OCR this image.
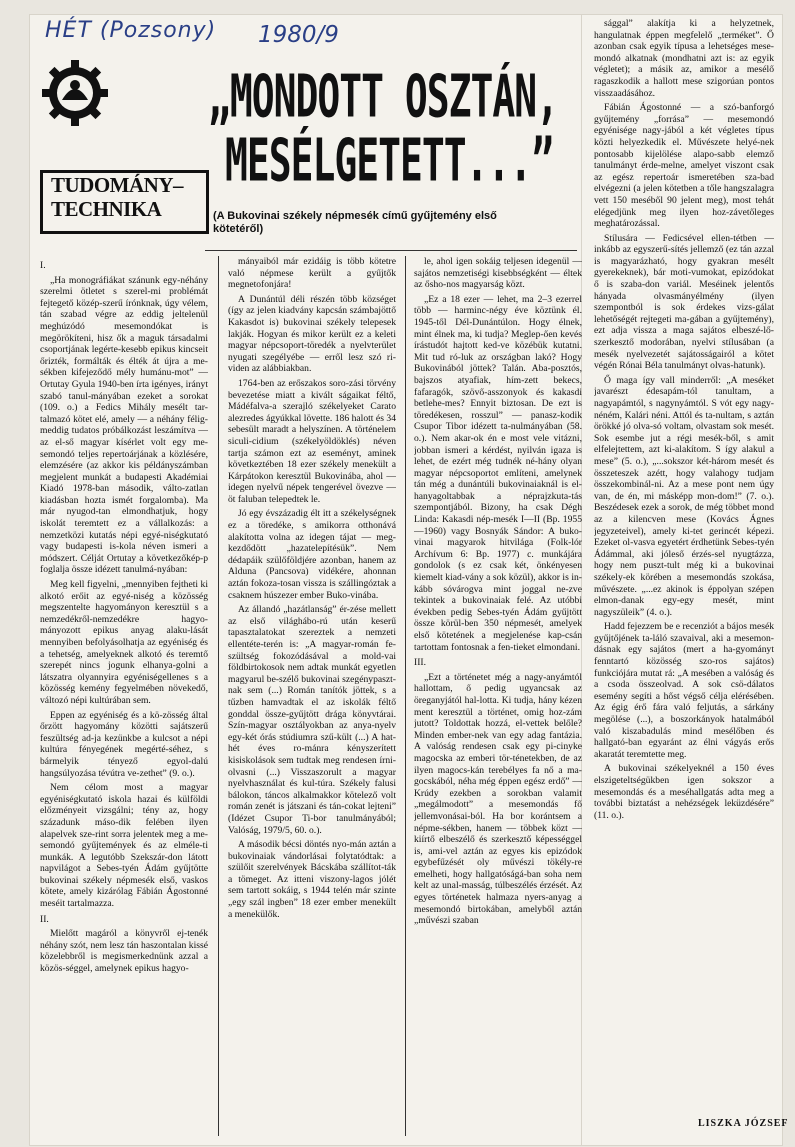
HÉT (Pozsony) 1980/9
„MONDOTT OSZTÁN,
MESÉLGETETT...”
TUDOMÁNY–
TECHNIKA	(A Bukovinai székely népmesék című gyűjtemény első kötetéről)

I.

„Ha monográfiákat szánunk egy-néhány szerelmi ötletet s szerel-mi problémát fejtegető közép-szerű írónknak, úgy vélem, tán szabad végre az eddig jeltelenül meghúzódó mesemondókat is megörökíteni, hisz ők a maguk társadalmi csoportjának legérte-kesebb epikus kincseit őrizték, formálták és élték át újra a me-sékben kifejeződő mély humánu-mot” — Ortutay Gyula 1940-ben írta igényes, irányt szabó tanul-mányában ezeket a sorokat (109. o.) a Fedics Mihály mesélt tar-talmazó kötet elé, amely — a néhány félig-meddig tudatos próbálkozást leszámítva — az el-ső magyar kísérlet volt egy me-semondó teljes repertoárjának a közlésére, elemzésére (az akkor kis példányszámban megjelent munkát a budapesti Akadémiai Kiadó 1978-ban második, válto-zatlan kiadásban hozta ismét forgalomba). Ma már nyugod-tan elmondhatjuk, hogy iskolát teremtett ez a vállalkozás: a nemzetközi kutatás népi egyé-niségkutató vagy budapesti is-kola néven ismeri a módszert. Célját Ortutay a következőkép-p foglalja össze idézett tanulmá-nyában:

Meg kell figyelni, „mennyiben fejtheti ki alkotó erőit az egyé-niség a közösség megszentelte hagyományon keresztül s a nemzedékről-nemzedékre hagyo-mányozott epikus anyag alaku-lását mennyiben befolyásolhatja az egyéniség és a tehetség, amelyeknek alkotó és teremtő szerepét nincs jogunk elhanya-golni a látszatra olyannyira egyéniségellenes s a közösség kemény fegyelmében növekedő, változó népi kultúrában sem.

Eppen az egyéniség és a kö-zösség által őrzött hagyomány közötti sajátszerű feszültség ad-ja kezünkbe a kulcsot a népi kultúra fényegének megérté-séhez, s bármelyik tényező egyol-dalú hangsúlyozása tévútra ve-zethet” (9. o.).

Nem célom most a magyar egyéniségkutató iskola hazai és külföldi előzményeit vizsgálni; tény az, hogy századunk máso-dik felében ilyen alapelvek sze-rint sorra jelentek meg a me-semondó gyűjtemények és az elméle-ti munkák. A legutóbb Szekszár-don látott napvilágot a Sebes-tyén Ádám gyűjtötte bukovinai székely népmesék első, vaskos kötete, amely kizárólag Fábián Ágostonné meséit tartalmazza.

II.

Mielőtt magáról a könyvről ej-tenék néhány szót, nem lesz tán haszontalan kissé közelebbről is megismerkednünk azzal a közös-séggel, amelynek epikus hagyo-

mányaiból már ezidáig is több kötetre való népmese került a gyűjtők megnetofonjára!

A Dunántúl déli részén több községet (így az jelen kiadvány kapcsán számbajöttő Kakasdot is) bukovinai székely telepesek lakják. Hogyan és mikor került ez a keleti magyar népcsoport-töredék a nyelvterület nyugati szegélyébe — erről lesz szó ri-viden az alábbiakban.

1764-ben az erőszakos soro-zási törvény bevezetése miatt a kivált ságaikat féltő, Mádéfalva-a szerajló székelyeket Carato alezredes ágyúkkal lövette. 186 halott és 34 sebesült maradt a helyszínen. A történelem siculi-cidium (székelyöldöklés) néven tartja számon ezt az eseményt, aminek következtében 18 ezer székely menekült a Kárpátokon keresztül Bukovinába, ahol — idegen nyelvű népek tengerével övezve — öt faluban telepedtek le.

Jó egy évszázadig élt itt a székelységnek ez a töredéke, s amikorra otthonává alakította volna az idegen tájat — meg-kezdődött „hazatelepítésük”. Nem dédapáik szülőföldjére azonban, hanem az Alduna (Pancsova) vidékére, ahonnan aztán fokoza-tosan vissza is szállingóztak a csaknem húszezer ember Buko-vinába.

Az állandó „hazátlanság” ér-zése mellett az első világhábo-rú után keserű tapasztalatokat szereztek a nemzeti ellentéte-terén is: „A magyar-román fe-szültség fokozódásával a mold-vai földbirtokosok nem adtak munkát egyetlen magyarul be-szélő bukovinai szegénypaszt-nak sem (...) Román tanítók jöttek, s a tűzben hamvadtak el az iskolák féltő gonddal össze-gyűjtött drága könyvtárai. Szín-magyar osztályokban az anya-nyelv egy-két órás stúdiumra szű-kült (...) A hat-hét éves ro-mánra kényszerített kisiskolások sem tudtak meg rendesen írni-olvasni (...) Visszaszorult a magyar nyelvhasználat és kul-túra. Székely falusi bálokon, táncos alkalmakkor kötelező volt román zenét is játszani és tán-cokat lejteni” (Idézet Csupor Ti-bor tanulmányából; Valóság, 1979/5, 60. o.).

A második bécsi döntés nyo-mán aztán a bukovinaiak vándorlásai folytatódtak: a szülőit szerelvények Bácskába szállítot-ták a tömeget. Az itteni viszony-lagos jólét sem tartott sokáig, s 1944 telén már szinte „egy szál ingben” 18 ezer ember menekült a menekülők.

le, ahol igen sokáig teljesen idegenül — sajátos nemzetiségi kisebbségként — éltek az ősho-nos magyarság közt.

„Ez a 18 ezer — lehet, ma 2–3 ezerrel több — harminc-négy éve köztünk él. 1945-től Dél-Dunántúlon. Hogy élnek, mint élnek ma, ki tudja? Meglep-ően kevés írástudót hajtott ked-ve közébük kutatni. Mit tud ró-luk az országban lakó? Hogy Bukovinából jöttek? Talán. Aba-posztós, bajszos atyafiak, hím-zett bekecs, fafaragók, szövő-asszonyok és kakasdi betlehe-mes? Ennyit biztosan. De ezt is töredékesen, rosszul” — panasz-kodik Csupor Tibor idézett ta-nulmányában (58. o.). Nem akar-ok én e most vele vitázni, jobban ismeri a kérdést, nyilván igaza is lehet, de ezért még tudnék né-hány olyan magyar népcsoportot említeni, amelynek tán még a dunántúli bukovinaiaknál is el-hanyagoltabbak a néprajzkuta-tás szempontjából. Bizony, ha csak Dégh Linda: Kakasdi nép-mesék I—II (Bp. 1955—1960) vagy Bosnyák Sándor: A buko-vinai magyarok hitvilága (Folk-lór Archívum 6: Bp. 1977) c. munkájára gondolok (s ez csak két, önkényesen kiemelt kiad-vány a sok közül), akkor is in-kább sóvárogva mint joggal ne-zve tekintek a bukovinaiak felé. Az utóbbi években pedig Sebes-tyén Ádám gyűjtött össze körül-ben 350 népmesét, amelyek első kötetének a megjelenése kap-csán tartottam fontosnak a fen-tieket elmondani.

III.

„Ezt a történetet még a nagy-anyámtól hallottam, ő pedig ugyancsak az öreganyjától hal-lotta. Ki tudja, hány kézen ment keresztül a történet, omig hoz-zám jutott? Toldottak hozzá, el-vettek belőle? Minden ember-nek van egy adag fantázia. A valóság rendesen csak egy pi-cinyke magocska az emberi tör-ténetekben, de az ilyen magocs-kán terebélyes fa nő a ma-gocskából, néha még éppen egész erdő” — Krúdy ezekben a sorokban valamit „megálmodott” a mesemondás fő jellemvonásai-ból. Ha bor korántsem a népme-sékben, hanem — többek közt — kiírtő elbeszélő és szerkesztő képességgel is, ami-vel aztán az egyes kis epizódok egybefűzését oly művészi tökély-re emelheti, hogy hallgatóságá-ban soha nem kelt az unal-masság, túlbeszélés érzését. Az egyes történetek halmaza nyers-anyag a mesemondó birtokában, amelyből aztán „művészi szaban

sággal” alakítja ki a helyzetnek, hangulatnak éppen megfelelő „terméket”. Ő azonban csak egyik típusa a lehetséges mese-mondó alkatnak (mondhatni azt is: az egyik végletet); a másik az, amikor a mesélő ragaszkodik a hallott mese szigorúan pontos visszaadásához.

Fábián Ágostonné — a szó-banforgó gyűjtemény „forrása” — mesemondó egyénisége nagy-jából a két végletes típus közti helyezkedik el. Művészete helyé-nek pontosabb kijelölése alapo-sabb elemző tanulmányt érde-melne, amelyet viszont csak az egész repertoár ismeretében sza-bad elvégezni (a jelen kötetben a tőle hangszalagra vett 150 meséből 90 jelent meg), most tehát elégedjünk meg ilyen hoz-závetőleges meghatározással.

Stílusára — Fedicsével ellen-tétben — inkább az egyszerű-sítés jellemző (ez tán azzal is magyarázható, hogy gyakran mesélt gyerekeknek), bár moti-vumokat, epizódokat ő is szaba-don variál. Meséinek jelentős hányada olvasmányélmény (ilyen szempontból is sok érdekes vizs-gálat lehetőségét rejtegeti ma-gában a gyűjtemény), ezt adja vissza a maga sajátos elbeszé-lő-szerkesztő modorában, nyelvi stílusában (a mesék nyelvezetét sajátosságairól a kötet végén Rónai Béla tanulmányt olvas-hatunk).

Ő maga így vall minderről: „A meséket javarészt édesapám-tól tanultam, a nagyapámtól, s nagynyámtól. S vót egy nagy-néném, Kalári néni. Attól és ta-nultam, s aztán örökké jó olva-só voltam, olvastam sok mesét. Sok esembe jut a régi mesék-ből, s amit elfelejtettem, azt ki-alakítom. S így alakul a mese” (5. o.), „...sokszor két-három mesét és összeteszek azétt, hogy valahogy tudjam összekombinál-ni. Az a mese pont nem úgy van, de én, mi másképp mon-dom!” (7. o.). Beszédesek ezek a sorok, de még többet mond az a kilencven mese (Kovács Ágnes jegyzeteivel), amely ki-tet gerincét képezi. Ezeket ol-vasva egyetért érdhetünk Sebes-tyén Ádámmal, aki jóleső érzés-sel nyugtázza, hogy nem puszt-tult még ki a bukovinai székely-ek körében a mesemondás szokása, művészete. „...ez akinok is éppolyan szépen elmon-danak egy-egy mesét, mint nagyszüleik” (4. o.).

Hadd fejezzem be e recenziót a bájos mesék gyűjtőjének ta-láló szavaival, aki a mesemon-dásnak egy sajátos (mert a ha-gyományt fenntartó közösség szo-ros sajátos) funkciójára mutat rá: „A mesében a valóság és a csoda összeolvad. A sok csö-dálatos esemény segíti a hőst végső célja elérésében. Az égig érő fára való feljutás, a sárkány megölése (...), a boszorkányok hatalmából való kiszabadulás mind mesélőben és hallgató-ban egyaránt az élni vágyás erős akaratát teremtette meg.

A bukovinai székelyeknél a 150 éves elszigeteltségükben igen sokszor a mesemondás és a meséhallgatás adta meg a további biztatást a nehézségek leküzdésére” (11. o.).

LISZKA JÓZSEF
